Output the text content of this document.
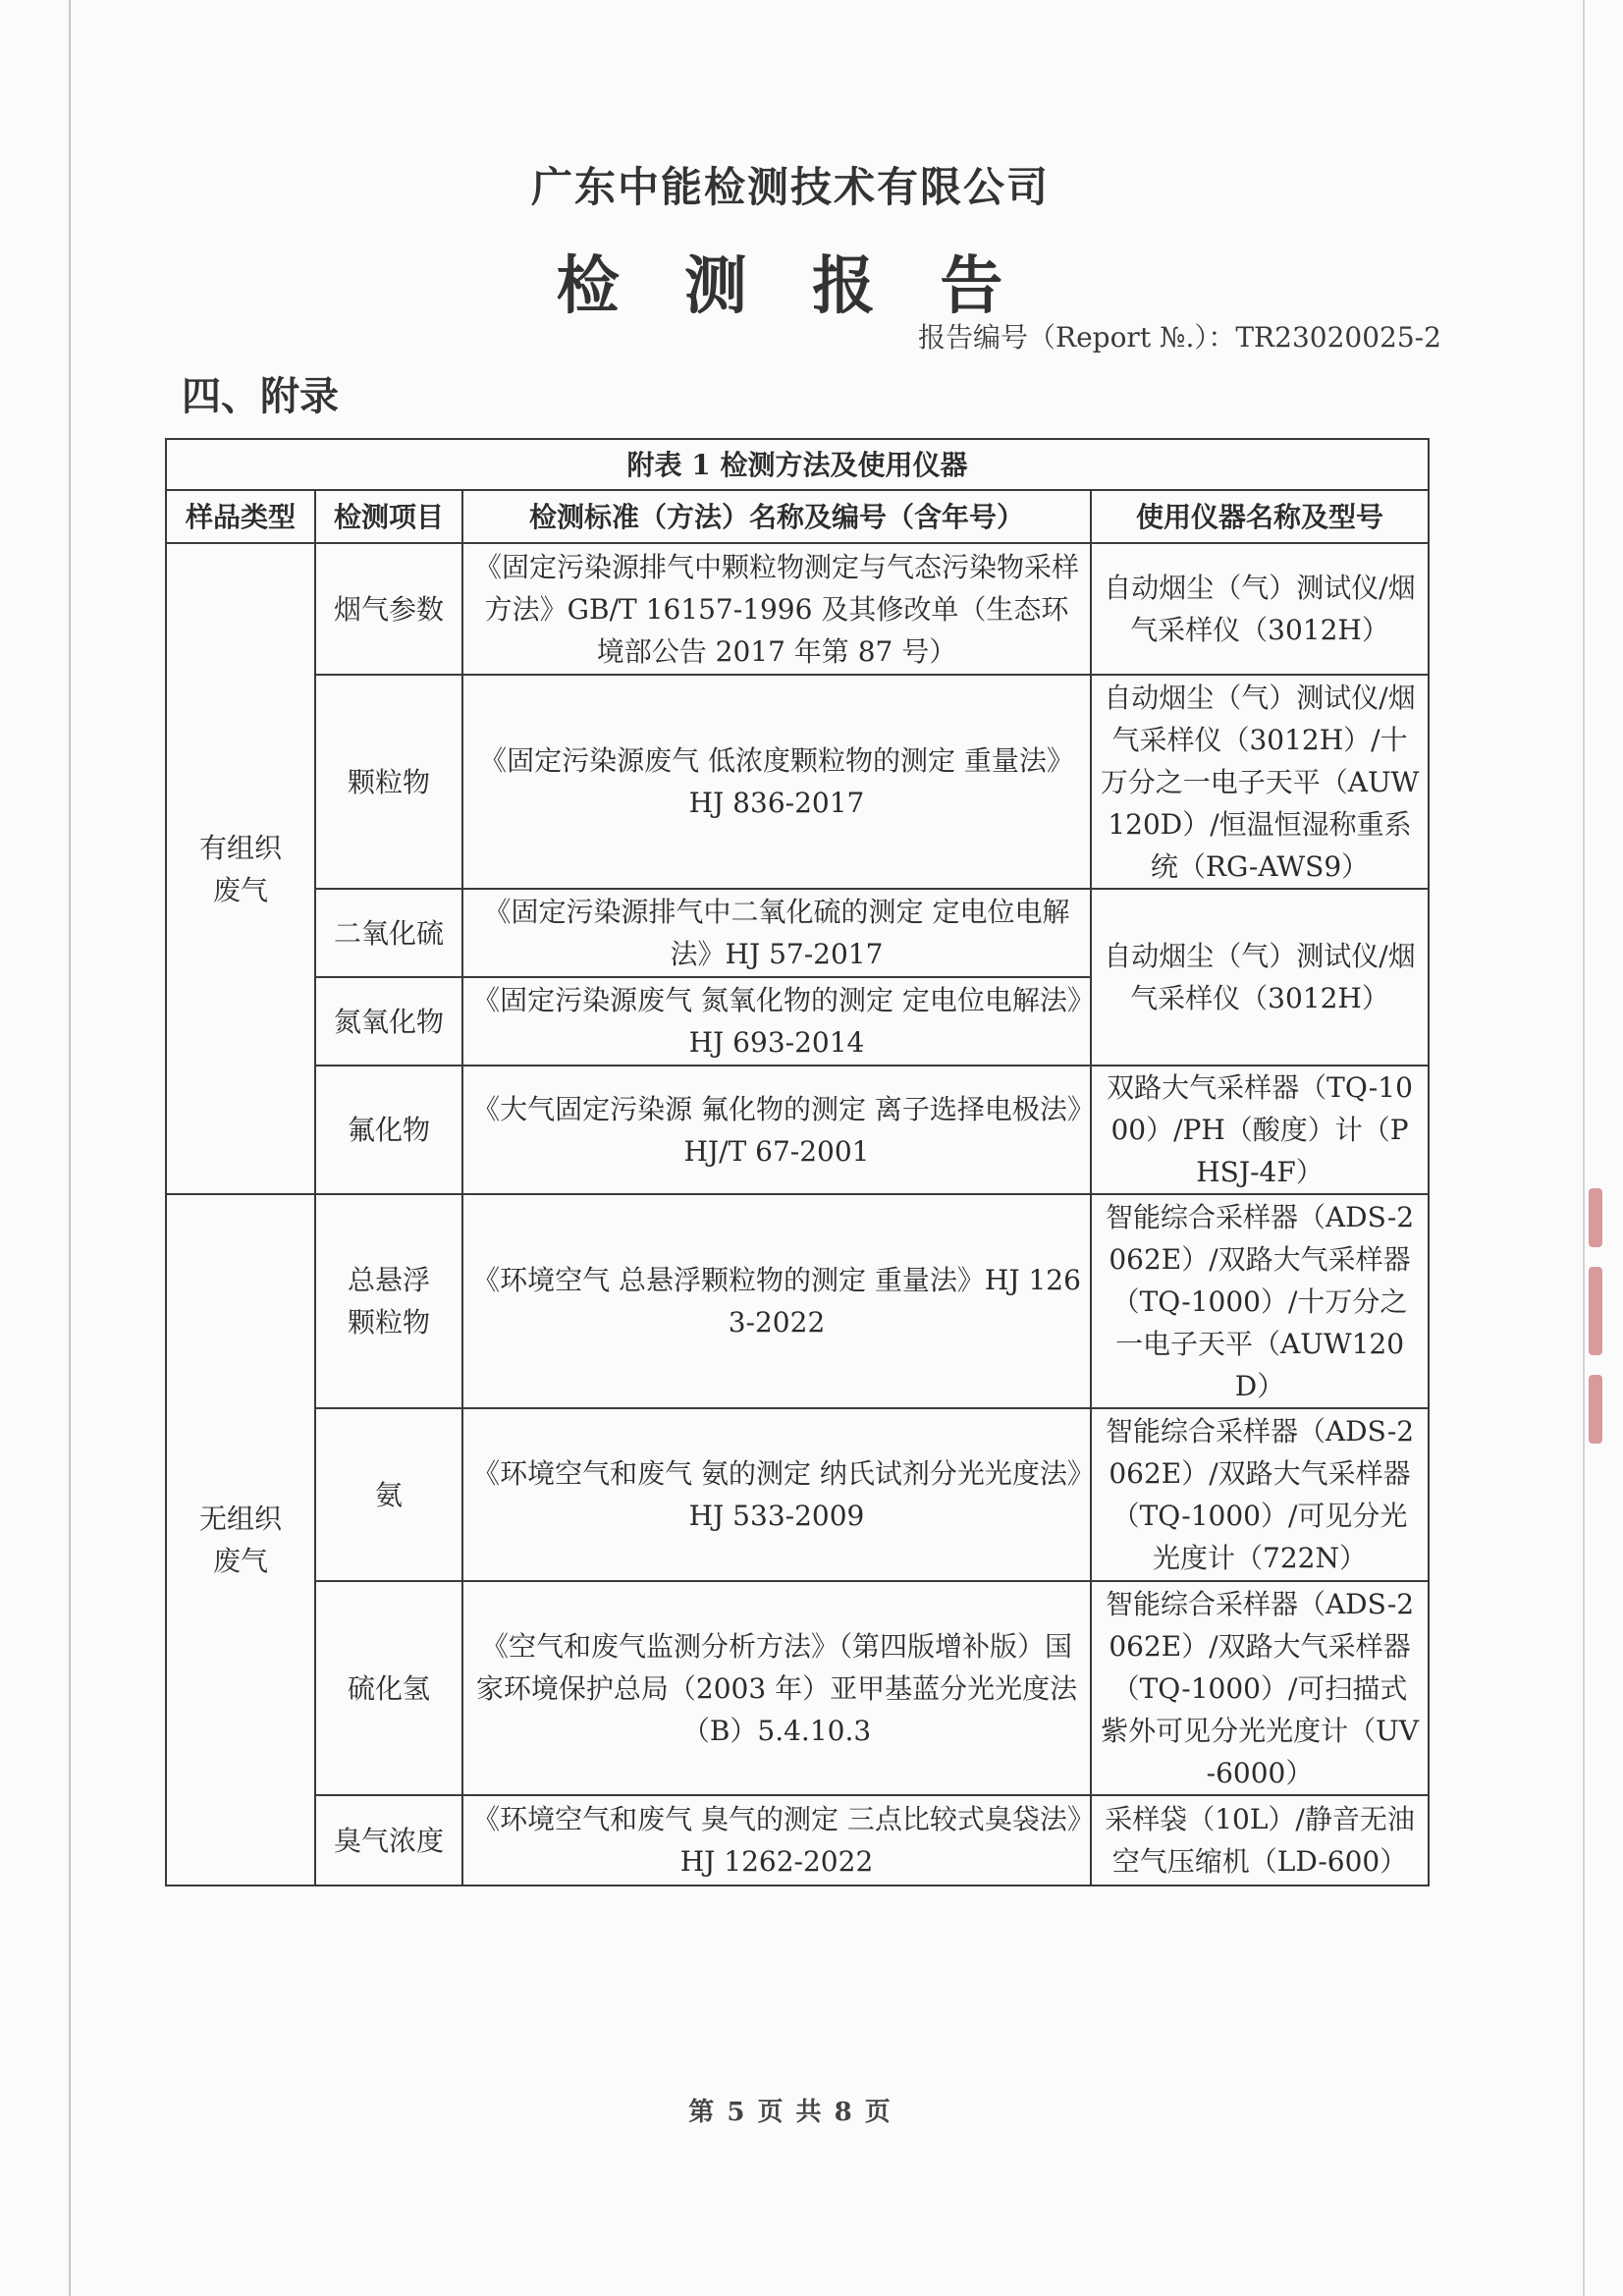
广东中能检测技术有限公司
检 测 报 告
报告编号（Report №.）：TR23020025-2
四、附录
附表 1 检测方法及使用仪器			
样品类型	检测项目	检测标准（方法）名称及编号（含年号）	使用仪器名称及型号
有组织废气	烟气参数	《固定污染源排气中颗粒物测定与气态污染物采样方法》GB/T 16157-1996 及其修改单（生态环境部公告 2017 年第 87 号）	自动烟尘（气）测试仪/烟气采样仪（3012H）
	颗粒物	《固定污染源废气 低浓度颗粒物的测定 重量法》HJ 836-2017	自动烟尘（气）测试仪/烟气采样仪（3012H）/十万分之一电子天平（AUW120D）/恒温恒湿称重系统（RG-AWS9）
	二氧化硫	《固定污染源排气中二氧化硫的测定 定电位电解法》HJ 57-2017	自动烟尘（气）测试仪/烟气采样仪（3012H）
	氮氧化物	《固定污染源废气 氮氧化物的测定 定电位电解法》HJ 693-2014	
	氟化物	《大气固定污染源 氟化物的测定 离子选择电极法》HJ/T 67-2001	双路大气采样器（TQ-1000）/PH（酸度）计（PHSJ-4F）
无组织废气	总悬浮颗粒物	《环境空气 总悬浮颗粒物的测定 重量法》HJ 1263-2022	智能综合采样器（ADS-2062E）/双路大气采样器（TQ-1000）/十万分之一电子天平（AUW120D）
	氨	《环境空气和废气 氨的测定 纳氏试剂分光光度法》HJ 533-2009	智能综合采样器（ADS-2062E）/双路大气采样器（TQ-1000）/可见分光光度计（722N）
	硫化氢	《空气和废气监测分析方法》（第四版增补版）国家环境保护总局（2003 年）亚甲基蓝分光光度法（B）5.4.10.3	智能综合采样器（ADS-2062E）/双路大气采样器（TQ-1000）/可扫描式紫外可见分光光度计（UV-6000）
	臭气浓度	《环境空气和废气 臭气的测定 三点比较式臭袋法》HJ 1262-2022	采样袋（10L）/静音无油空气压缩机（LD-600）
第 5 页 共 8 页
